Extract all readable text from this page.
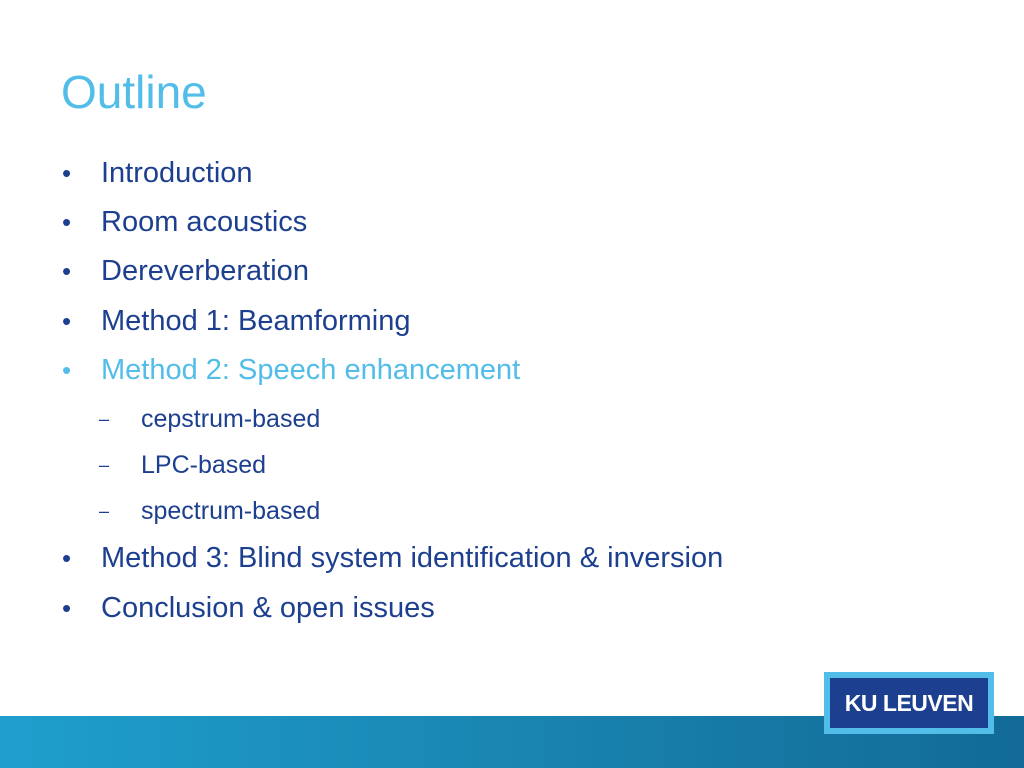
Outline
• Introduction
• Room acoustics
• Dereverberation
• Method 1: Beamforming
• Method 2: Speech enhancement
– cepstrum-based
– LPC-based
– spectrum-based
• Method 3: Blind system identification & inversion
• Conclusion & open issues
KU LEUVEN
